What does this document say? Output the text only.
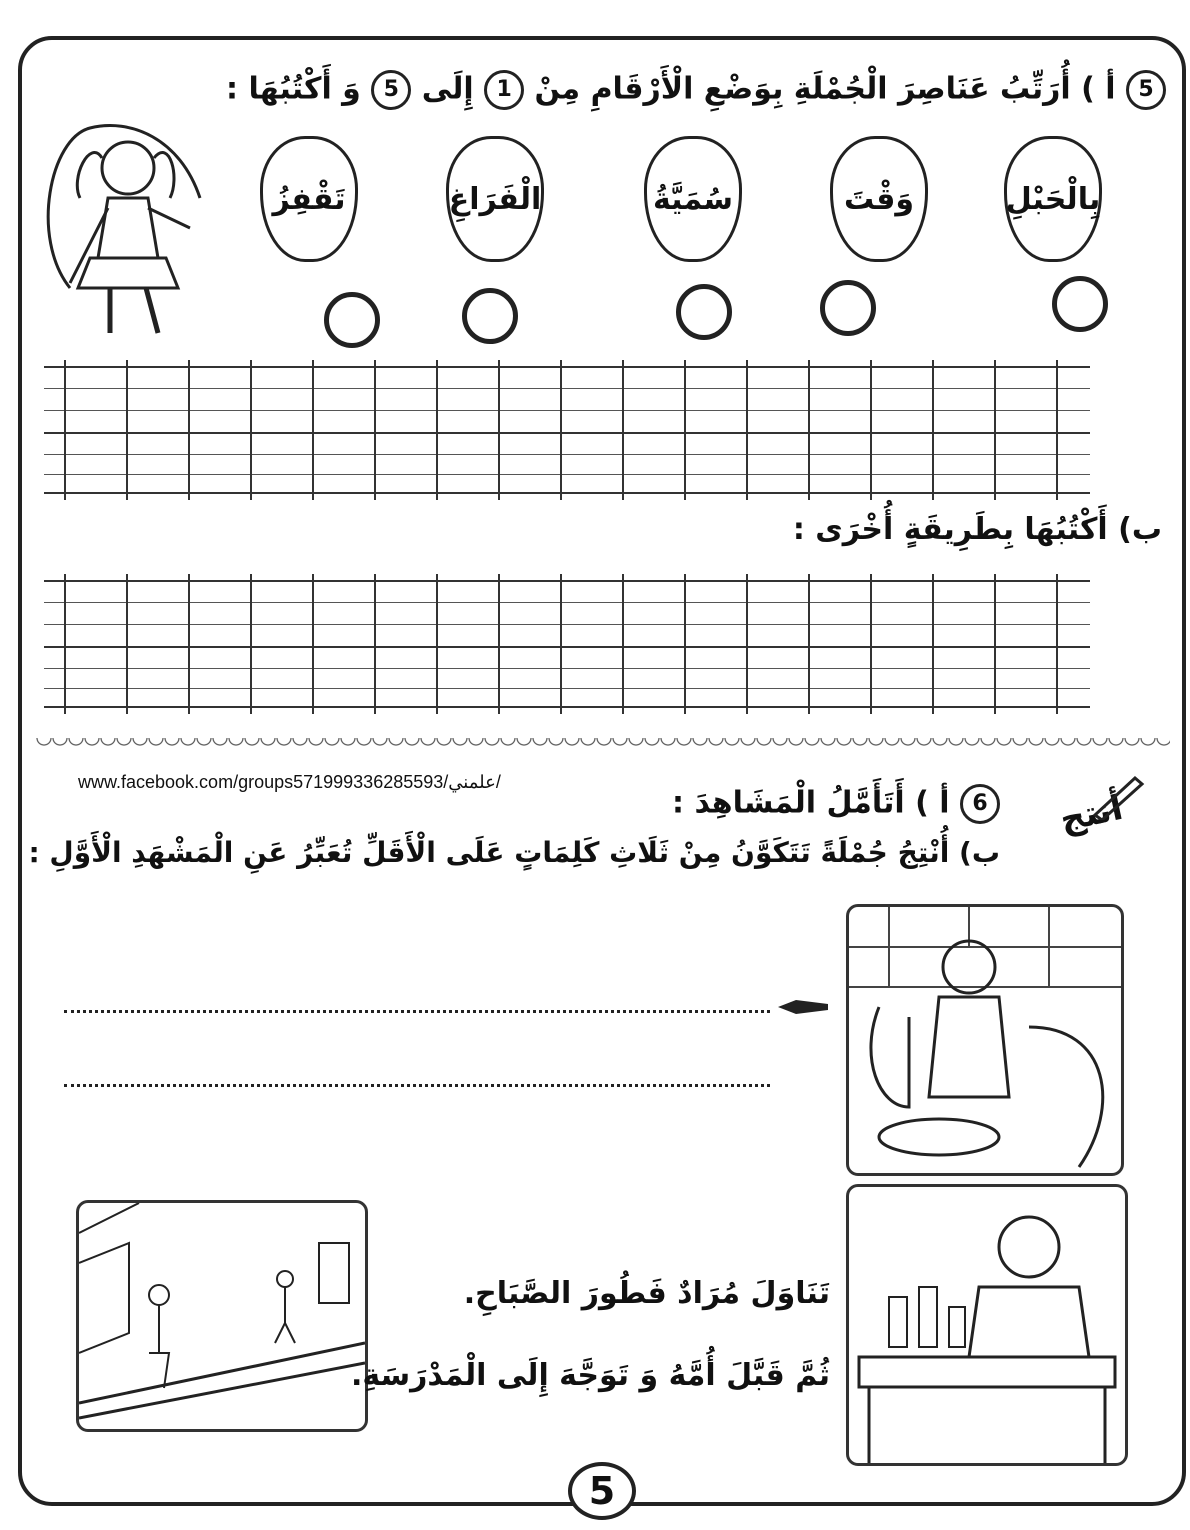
5 أ ) أُرَتِّبُ عَنَاصِرَ الْجُمْلَةِ بِوَضْعِ الْأَرْقَامِ مِنْ 1 إِلَى 5 وَ أَكْتُبُهَا :
بِالْحَبْلِ
وَقْتَ
سُمَيَّةُ
الْفَرَاغِ
تَقْفِزُ
ب) أَكْتُبُهَا بِطَرِيقَةٍ أُخْرَى :
www.facebook.com/groups571999336285593/علمني/
6 أ ) أَتَأَمَّلُ الْمَشَاهِدَ :	أنتج
ب) أُنْتِجُ جُمْلَةً تَتَكَوَّنُ مِنْ ثَلَاثِ كَلِمَاتٍ عَلَى الْأَقَلِّ تُعَبِّرُ عَنِ الْمَشْهَدِ الْأَوَّلِ :
تَنَاوَلَ مُرَادٌ فَطُورَ الصَّبَاحِ.
ثُمَّ قَبَّلَ أُمَّهُ وَ تَوَجَّهَ إِلَى الْمَدْرَسَةِ.
5
